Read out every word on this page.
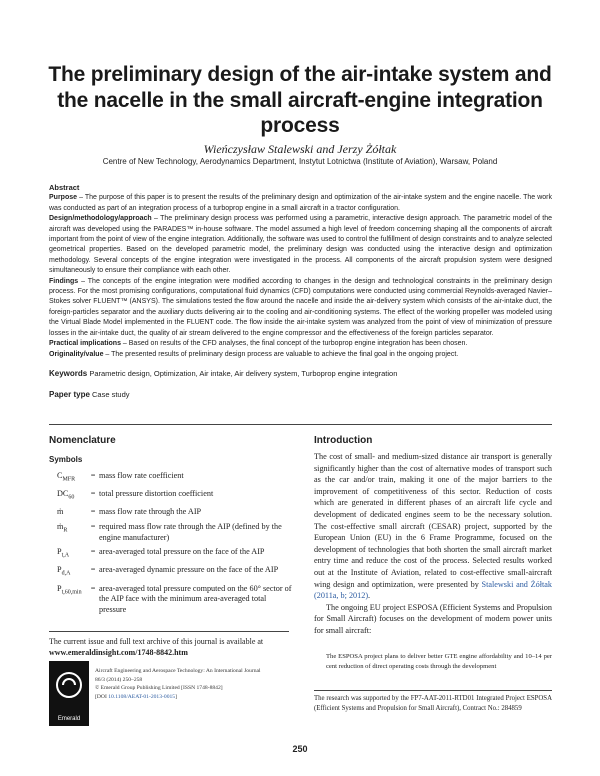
The preliminary design of the air-intake system and the nacelle in the small aircraft-engine integration process
Wieńczysław Stalewski and Jerzy Żółtak
Centre of New Technology, Aerodynamics Department, Instytut Lotnictwa (Institute of Aviation), Warsaw, Poland

Abstract

Purpose – The purpose of this paper is to present the results of the preliminary design and optimization of the air-intake system and the engine nacelle. The work was conducted as part of an integration process of a turboprop engine in a small aircraft in a tractor configuration.

Design/methodology/approach – The preliminary design process was performed using a parametric, interactive design approach. The parametric model of the aircraft was developed using the PARADES™ in-house software. The model assumed a high level of freedom concerning shaping all the components of aircraft important from the point of view of the engine integration. Additionally, the software was used to control the fulfillment of design constraints and to analyze selected geometrical properties. Based on the developed parametric model, the preliminary design was conducted using the interactive design and optimization methodology. Several concepts of the engine integration were investigated in the process. All components of the aircraft propulsion system were designed simultaneously to ensure their compliance with each other.

Findings – The concepts of the engine integration were modified according to changes in the design and technological constraints in the preliminary design process. For the most promising configurations, computational fluid dynamics (CFD) computations were conducted using commercial Reynolds-averaged Navier–Stokes solver FLUENT™ (ANSYS). The simulations tested the flow around the nacelle and inside the air-delivery system which consists of the air-intake duct, the foreign-particles separator and the auxiliary ducts delivering air to the cooling and air-conditioning systems. The effect of the working propeller was modeled using the Virtual Blade Model implemented in the FLUENT code. The flow inside the air-intake system was analyzed from the point of view of minimization of pressure losses in the air-intake duct, the quality of air stream delivered to the engine compressor and the effectiveness of the foreign particles separator.

Practical implications – Based on results of the CFD analyses, the final concept of the turboprop engine integration has been chosen.

Originality/value – The presented results of preliminary design process are valuable to achieve the final goal in the ongoing project.

Keywords Parametric design, Optimization, Air intake, Air delivery system, Turboprop engine integration

Paper type Case study

Nomenclature
Symbols
$C_{MFR}$	=	mass flow rate coefficient
$DC_{60}$	=	total pressure distortion coefficient
ṁ	=	mass flow rate through the AIP
ṁ$_R$	=	required mass flow rate through the AIP (defined by the engine manufacturer)
$P_{t,A}$	=	area-averaged total pressure on the face of the AIP
$P_{d,A}$	=	area-averaged dynamic pressure on the face of the AIP
$P_{t,60,min}$	=	area-averaged total pressure computed on the 60° sector of the AIP face with the minimum area-averaged total pressure
The current issue and full text archive of this journal is available at
www.emeraldinsight.com/1748-8842.htm
Emerald
Aircraft Engineering and Aerospace Technology: An International Journal
86/3 (2014) 250–258
© Emerald Group Publishing Limited [ISSN 1748-8842]
[DOI 10.1108/AEAT-01-2013-0015]
Introduction

The cost of small- and medium-sized distance air transport is generally significantly higher than the cost of alternative modes of transport such as the car and/or train, making it one of the major barriers to the improvement of competitiveness of this sector. Reduction of costs which are generated in different phases of an aircraft life cycle and development of dedicated engines seem to be the necessary solution. The cost-effective small aircraft (CESAR) project, supported by the European Union (EU) in the 6 Frame Programme, focused on the development of technologies that both shorten the small aircraft market entry time and reduce the cost of the process. Selected results worked out at the Institute of Aviation, related to cost-effective small-aircraft wing design and optimization, were presented by Stalewski and Żółtak (2011a, b; 2012).

The ongoing EU project ESPOSA (Efficient Systems and Propulsion for Small Aircraft) focuses on the development of modern power units for small aircraft:

The ESPOSA project plans to deliver better GTE engine affordability and 10–14 per cent reduction of direct operating costs through the development
The research was supported by the FP7-AAT-2011-RTD01 Integrated Project ESPOSA (Efficient Systems and Propulsion for Small Aircraft), Contract No.: 284859
250
